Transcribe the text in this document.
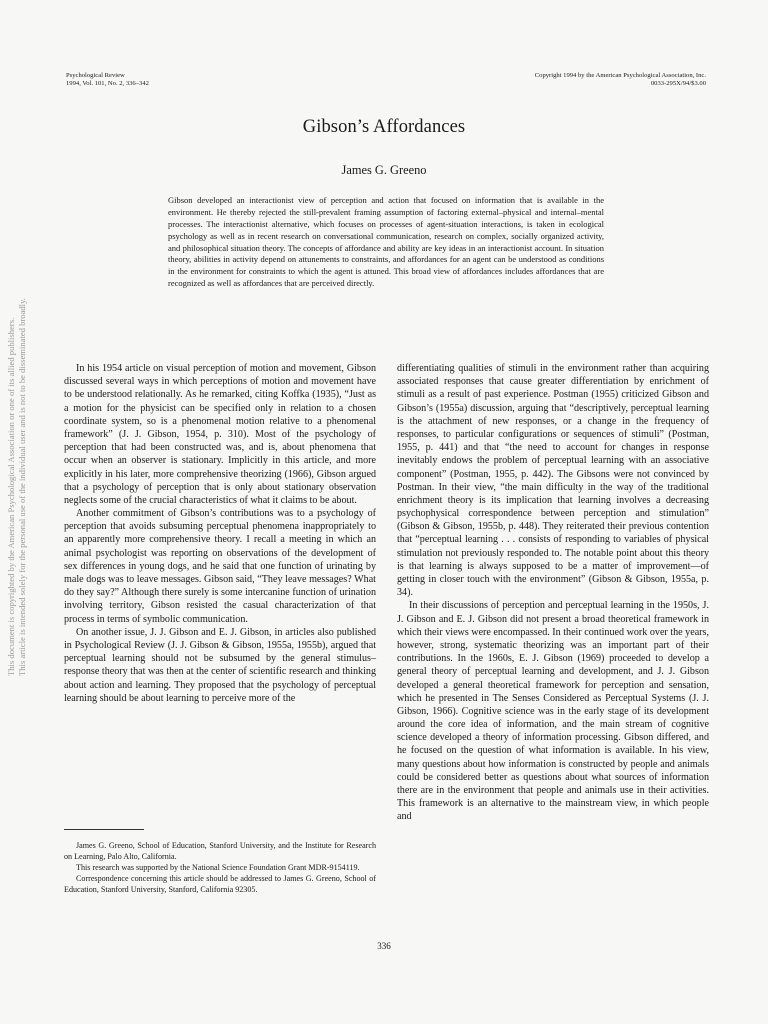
Psychological Review
1994, Vol. 101, No. 2, 336–342
Copyright 1994 by the American Psychological Association, Inc.
0033-295X/94/$3.00
Gibson’s Affordances
James G. Greeno

Gibson developed an interactionist view of perception and action that focused on information that is available in the environment. He thereby rejected the still-prevalent framing assumption of factoring external–physical and internal–mental processes. The interactionist alternative, which focuses on processes of agent-situation interactions, is taken in ecological psychology as well as in recent research on conversational communication, research on complex, socially organized activity, and philosophical situation theory. The concepts of affordance and ability are key ideas in an interactionist account. In situation theory, abilities in activity depend on attunements to constraints, and affordances for an agent can be understood as conditions in the environment for constraints to which the agent is attuned. This broad view of affordances includes affordances that are recognized as well as affordances that are perceived directly.

This document is copyrighted by the American Psychological Association or one of its allied publishers. This article is intended solely for the personal use of the individual user and is not to be disseminated broadly.	In his 1954 article on visual perception of motion and movement, Gibson discussed several ways in which perceptions of motion and movement have to be understood relationally. As he remarked, citing Koffka (1935), “Just as a motion for the physicist can be specified only in relation to a chosen coordinate system, so is a phenomenal motion relative to a phenomenal framework” (J. J. Gibson, 1954, p. 310). Most of the psychology of perception that had been constructed was, and is, about phenomena that occur when an observer is stationary. Implicitly in this article, and more explicitly in his later, more comprehensive theorizing (1966), Gibson argued that a psychology of perception that is only about stationary observation neglects some of the crucial characteristics of what it claims to be about.

Another commitment of Gibson’s contributions was to a psychology of perception that avoids subsuming perceptual phenomena inappropriately to an apparently more comprehensive theory. I recall a meeting in which an animal psychologist was reporting on observations of the development of sex differences in young dogs, and he said that one function of urinating by male dogs was to leave messages. Gibson said, “They leave messages? What do they say?” Although there surely is some intercanine function of urination involving territory, Gibson resisted the casual characterization of that process in terms of symbolic communication.

On another issue, J. J. Gibson and E. J. Gibson, in articles also published in Psychological Review (J. J. Gibson & Gibson, 1955a, 1955b), argued that perceptual learning should not be subsumed by the general stimulus–response theory that was then at the center of scientific research and thinking about action and learning. They proposed that the psychology of perceptual learning should be about learning to perceive more of the

differentiating qualities of stimuli in the environment rather than acquiring associated responses that cause greater differentiation by enrichment of stimuli as a result of past experience. Postman (1955) criticized Gibson and Gibson’s (1955a) discussion, arguing that “descriptively, perceptual learning is the attachment of new responses, or a change in the frequency of responses, to particular configurations or sequences of stimuli” (Postman, 1955, p. 441) and that “the need to account for changes in response inevitably endows the problem of perceptual learning with an associative component” (Postman, 1955, p. 442). The Gibsons were not convinced by Postman. In their view, “the main difficulty in the way of the traditional enrichment theory is its implication that learning involves a decreasing psychophysical correspondence between perception and stimulation” (Gibson & Gibson, 1955b, p. 448). They reiterated their previous contention that “perceptual learning . . . consists of responding to variables of physical stimulation not previously responded to. The notable point about this theory is that learning is always supposed to be a matter of improvement—of getting in closer touch with the environment” (Gibson & Gibson, 1955a, p. 34).

In their discussions of perception and perceptual learning in the 1950s, J. J. Gibson and E. J. Gibson did not present a broad theoretical framework in which their views were encompassed. In their continued work over the years, however, strong, systematic theorizing was an important part of their contributions. In the 1960s, E. J. Gibson (1969) proceeded to develop a general theory of perceptual learning and development, and J. J. Gibson developed a general theoretical framework for perception and sensation, which he presented in The Senses Considered as Perceptual Systems (J. J. Gibson, 1966). Cognitive science was in the early stage of its development around the core idea of information, and the main stream of cognitive science developed a theory of information processing. Gibson differed, and he focused on the question of what information is available. In his view, many questions about how information is constructed by people and animals could be considered better as questions about what sources of information there are in the environment that people and animals use in their activities. This framework is an alternative to the mainstream view, in which people and

James G. Greeno, School of Education, Stanford University, and the Institute for Research on Learning, Palo Alto, California.

This research was supported by the National Science Foundation Grant MDR-9154119.

Correspondence concerning this article should be addressed to James G. Greeno, School of Education, Stanford University, Stanford, California 92305.

336
